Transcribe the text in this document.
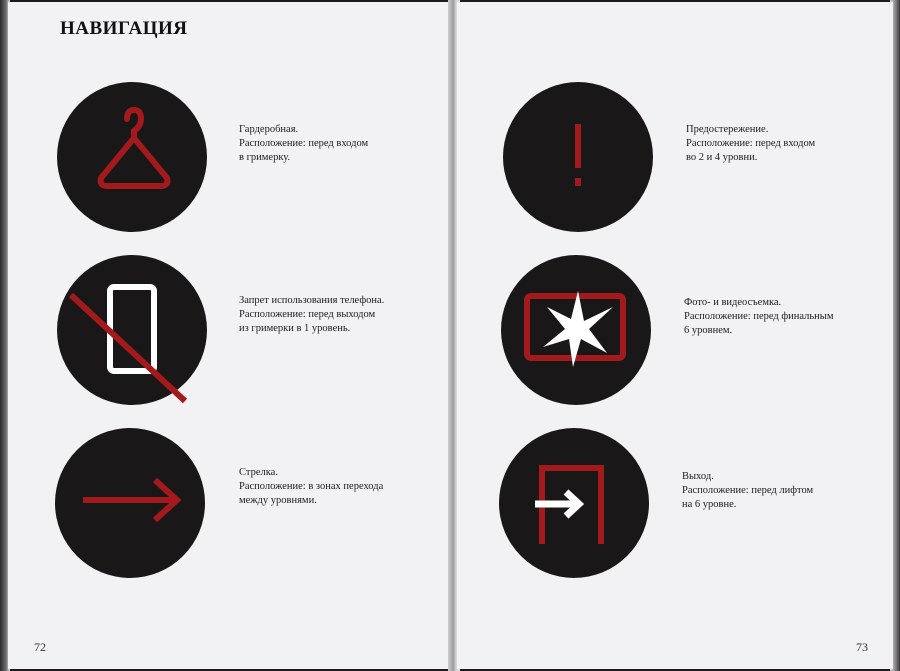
НАВИГАЦИЯ
Гардеробная.
Расположение: перед входом
в гримерку.
Запрет использования телефона.
Расположение: перед выходом
из гримерки в 1 уровень.
Стрелка.
Расположение: в зонах перехода
между уровнями.
72
Предостережение.
Расположение: перед входом
во 2 и 4 уровни.
Фото- и видеосъемка.
Расположение: перед финальным
6 уровнем.
Выход.
Расположение: перед лифтом
на 6 уровне.
73
